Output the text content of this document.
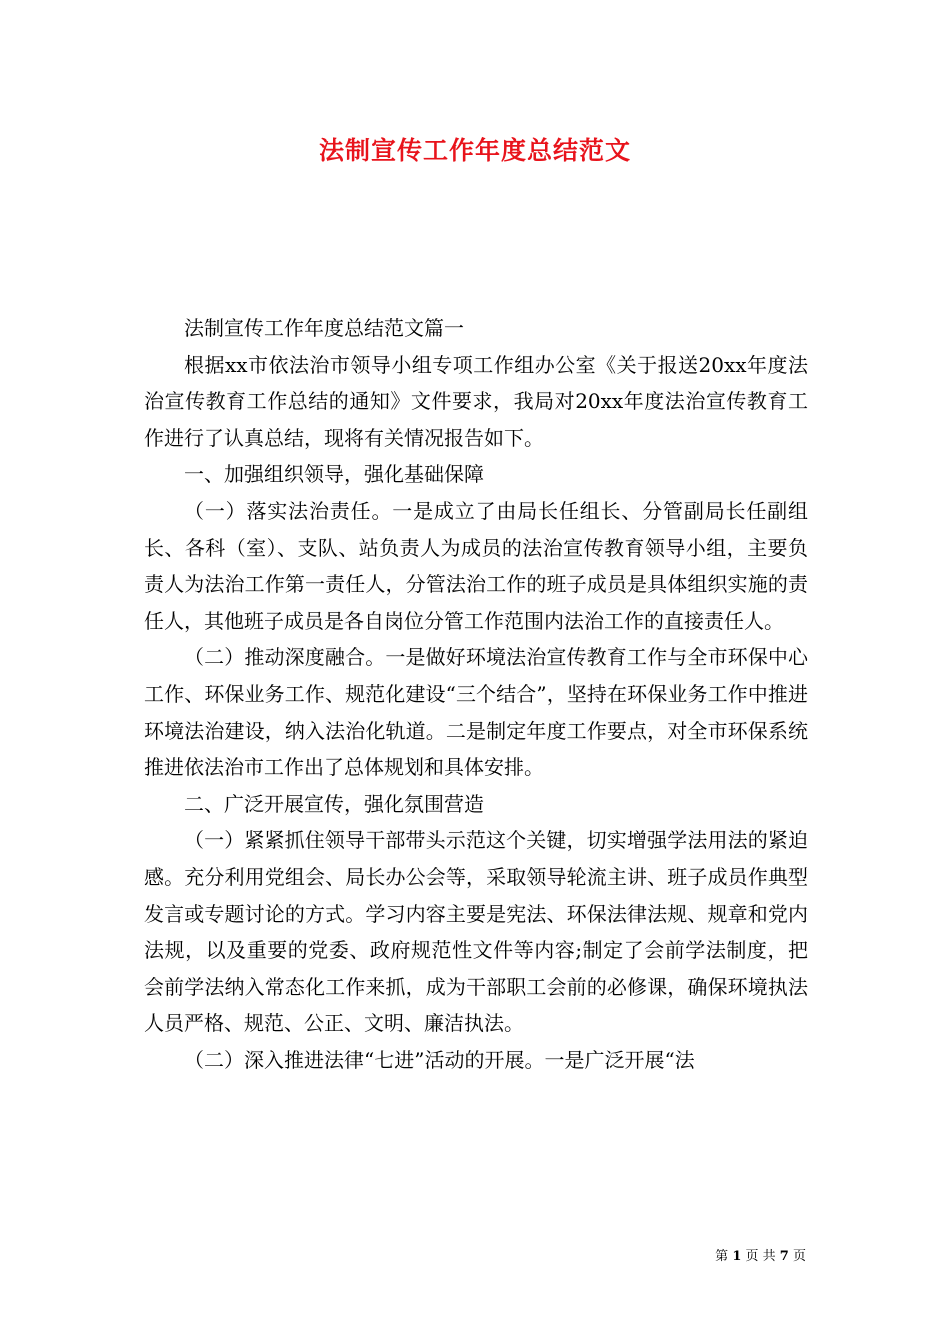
法制宣传工作年度总结范文

法制宣传工作年度总结范文篇一

根据xx市依法治市领导小组专项工作组办公室《关于报送20xx年度法治宣传教育工作总结的通知》文件要求，我局对20xx年度法治宣传教育工作进行了认真总结，现将有关情况报告如下。

一、加强组织领导，强化基础保障

（一）落实法治责任。一是成立了由局长任组长、分管副局长任副组长、各科（室）、支队、站负责人为成员的法治宣传教育领导小组，主要负责人为法治工作第一责任人，分管法治工作的班子成员是具体组织实施的责任人，其他班子成员是各自岗位分管工作范围内法治工作的直接责任人。

（二）推动深度融合。一是做好环境法治宣传教育工作与全市环保中心工作、环保业务工作、规范化建设“三个结合”，坚持在环保业务工作中推进环境法治建设，纳入法治化轨道。二是制定年度工作要点，对全市环保系统推进依法治市工作出了总体规划和具体安排。

二、广泛开展宣传，强化氛围营造

（一）紧紧抓住领导干部带头示范这个关键，切实增强学法用法的紧迫感。充分利用党组会、局长办公会等，采取领导轮流主讲、班子成员作典型发言或专题讨论的方式。学习内容主要是宪法、环保法律法规、规章和党内法规，以及重要的党委、政府规范性文件等内容;制定了会前学法制度，把会前学法纳入常态化工作来抓，成为干部职工会前的必修课，确保环境执法人员严格、规范、公正、文明、廉洁执法。

（二）深入推进法律“七进”活动的开展。一是广泛开展“法

第 1 页 共 7 页
